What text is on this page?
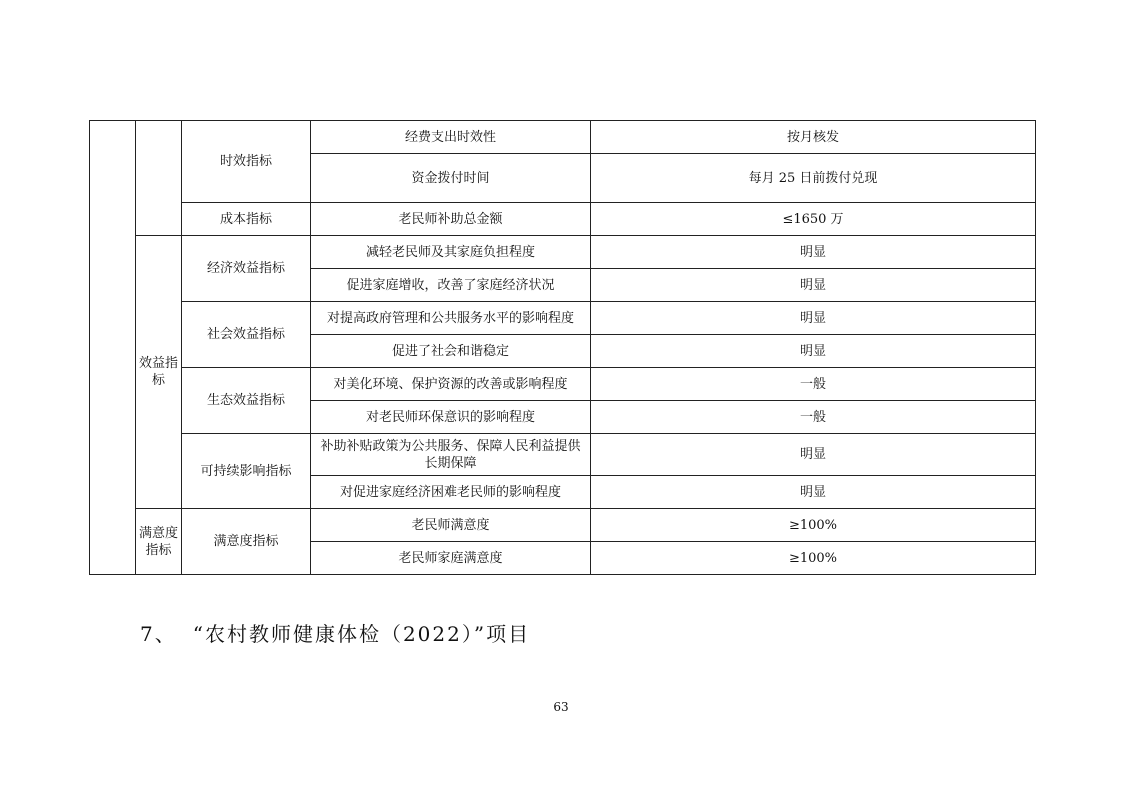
		时效指标	经费支出时效性	按月核发
			资金拨付时间	每月 25 日前拨付兑现
		成本指标	老民师补助总金额	≤1650 万
	效益指标	经济效益指标	减轻老民师及其家庭负担程度	明显
			促进家庭增收，改善了家庭经济状况	明显
		社会效益指标	对提高政府管理和公共服务水平的影响程度	明显
			促进了社会和谐稳定	明显
		生态效益指标	对美化环境、保护资源的改善或影响程度	一般
			对老民师环保意识的影响程度	一般
		可持续影响指标	补助补贴政策为公共服务、保障人民利益提供长期保障	明显
			对促进家庭经济困难老民师的影响程度	明显
	满意度指标	满意度指标	老民师满意度	≥100%
			老民师家庭满意度	≥100%
7、 “农村教师健康体检（2022）”项目
63
